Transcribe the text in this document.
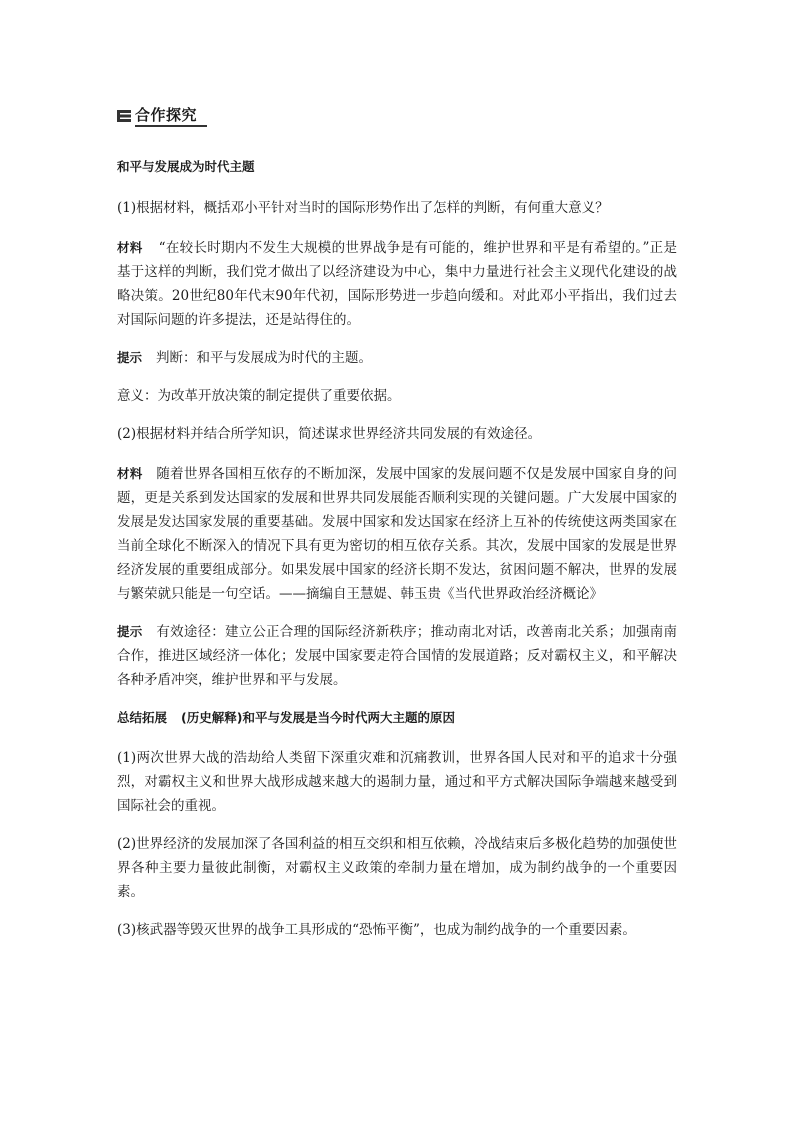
合作探究

和平与发展成为时代主题

(1)根据材料，概括邓小平针对当时的国际形势作出了怎样的判断，有何重大意义？

材料 “在较长时期内不发生大规模的世界战争是有可能的，维护世界和平是有希望的。”正是基于这样的判断，我们党才做出了以经济建设为中心，集中力量进行社会主义现代化建设的战略决策。20世纪80年代末90年代初，国际形势进一步趋向缓和。对此邓小平指出，我们过去对国际问题的许多提法，还是站得住的。

提示 判断：和平与发展成为时代的主题。

意义：为改革开放决策的制定提供了重要依据。

(2)根据材料并结合所学知识，简述谋求世界经济共同发展的有效途径。

材料 随着世界各国相互依存的不断加深，发展中国家的发展问题不仅是发展中国家自身的问题，更是关系到发达国家的发展和世界共同发展能否顺利实现的关键问题。广大发展中国家的发展是发达国家发展的重要基础。发展中国家和发达国家在经济上互补的传统使这两类国家在当前全球化不断深入的情况下具有更为密切的相互依存关系。其次，发展中国家的发展是世界经济发展的重要组成部分。如果发展中国家的经济长期不发达，贫困问题不解决，世界的发展与繁荣就只能是一句空话。——摘编自王慧媞、韩玉贵《当代世界政治经济概论》

提示 有效途径：建立公正合理的国际经济新秩序；推动南北对话，改善南北关系；加强南南合作，推进区域经济一体化；发展中国家要走符合国情的发展道路；反对霸权主义，和平解决各种矛盾冲突，维护世界和平与发展。

总结拓展 (历史解释)和平与发展是当今时代两大主题的原因

(1)两次世界大战的浩劫给人类留下深重灾难和沉痛教训，世界各国人民对和平的追求十分强烈，对霸权主义和世界大战形成越来越大的遏制力量，通过和平方式解决国际争端越来越受到国际社会的重视。

(2)世界经济的发展加深了各国利益的相互交织和相互依赖，冷战结束后多极化趋势的加强使世界各种主要力量彼此制衡，对霸权主义政策的牵制力量在增加，成为制约战争的一个重要因素。

(3)核武器等毁灭世界的战争工具形成的“恐怖平衡”，也成为制约战争的一个重要因素。
